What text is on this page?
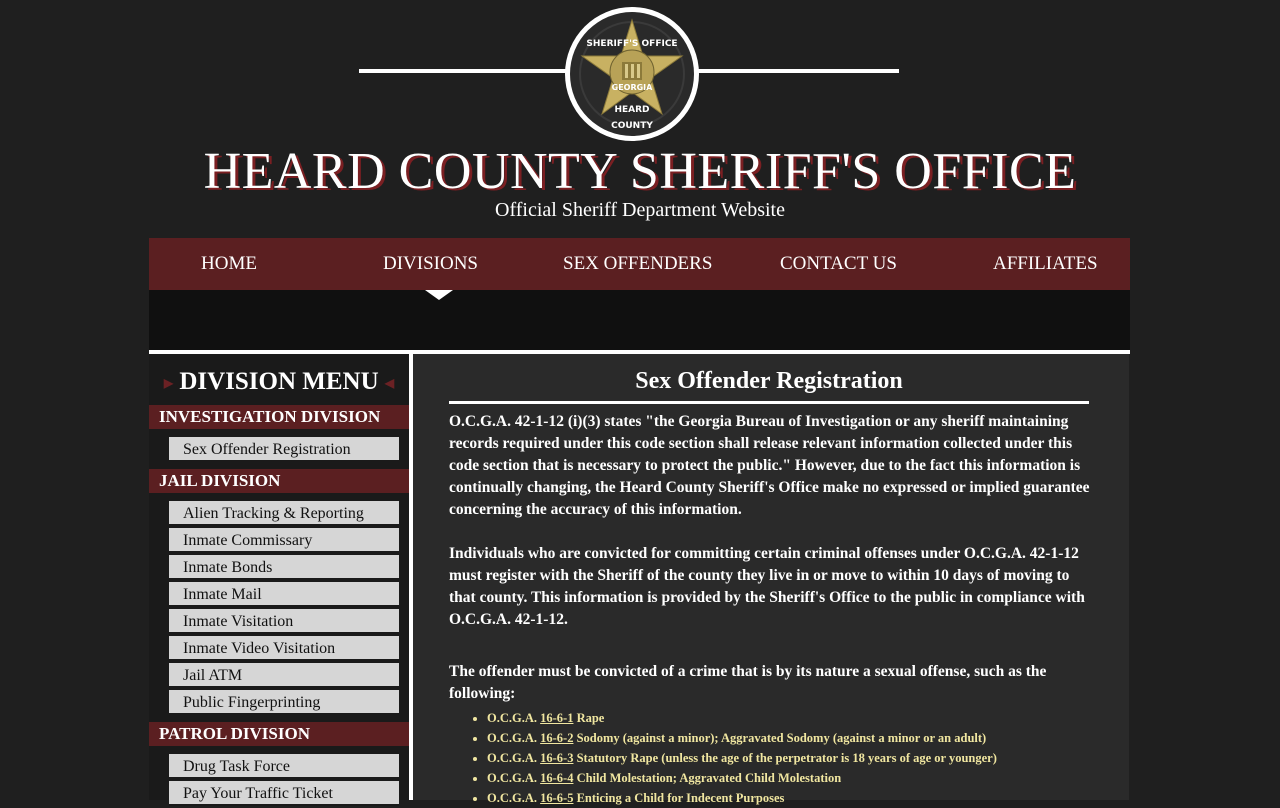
SHERIFF'S OFFICE
GEORGIA
HEARD
COUNTY
HEARD COUNTY SHERIFF'S OFFICE
Official Sheriff Department Website
HOME	DIVISIONS	SEX OFFENDERS	CONTACT US	AFFILIATES
▶ DIVISION MENU ◀
INVESTIGATION DIVISION
Sex Offender Registration
JAIL DIVISION
Alien Tracking & Reporting
Inmate Commissary
Inmate Bonds
Inmate Mail
Inmate Visitation
Inmate Video Visitation
Jail ATM
Public Fingerprinting
PATROL DIVISION
Drug Task Force
Pay Your Traffic Ticket
Sex Offender Registration

O.C.G.A. 42-1-12 (i)(3) states "the Georgia Bureau of Investigation or any sheriff maintaining records required under this code section shall release relevant information collected under this code section that is necessary to protect the public." However, due to the fact this information is continually changing, the Heard County Sheriff's Office make no expressed or implied guarantee concerning the accuracy of this information.

Individuals who are convicted for committing certain criminal offenses under O.C.G.A. 42-1-12 must register with the Sheriff of the county they live in or move to within 10 days of moving to that county. This information is provided by the Sheriff's Office to the public in compliance with O.C.G.A. 42-1-12.

The offender must be convicted of a crime that is by its nature a sexual offense, such as the following:

• O.C.G.A. 16-6-1 Rape
• O.C.G.A. 16-6-2 Sodomy (against a minor); Aggravated Sodomy (against a minor or an adult)
• O.C.G.A. 16-6-3 Statutory Rape (unless the age of the perpetrator is 18 years of age or younger)
• O.C.G.A. 16-6-4 Child Molestation; Aggravated Child Molestation
• O.C.G.A. 16-6-5 Enticing a Child for Indecent Purposes
